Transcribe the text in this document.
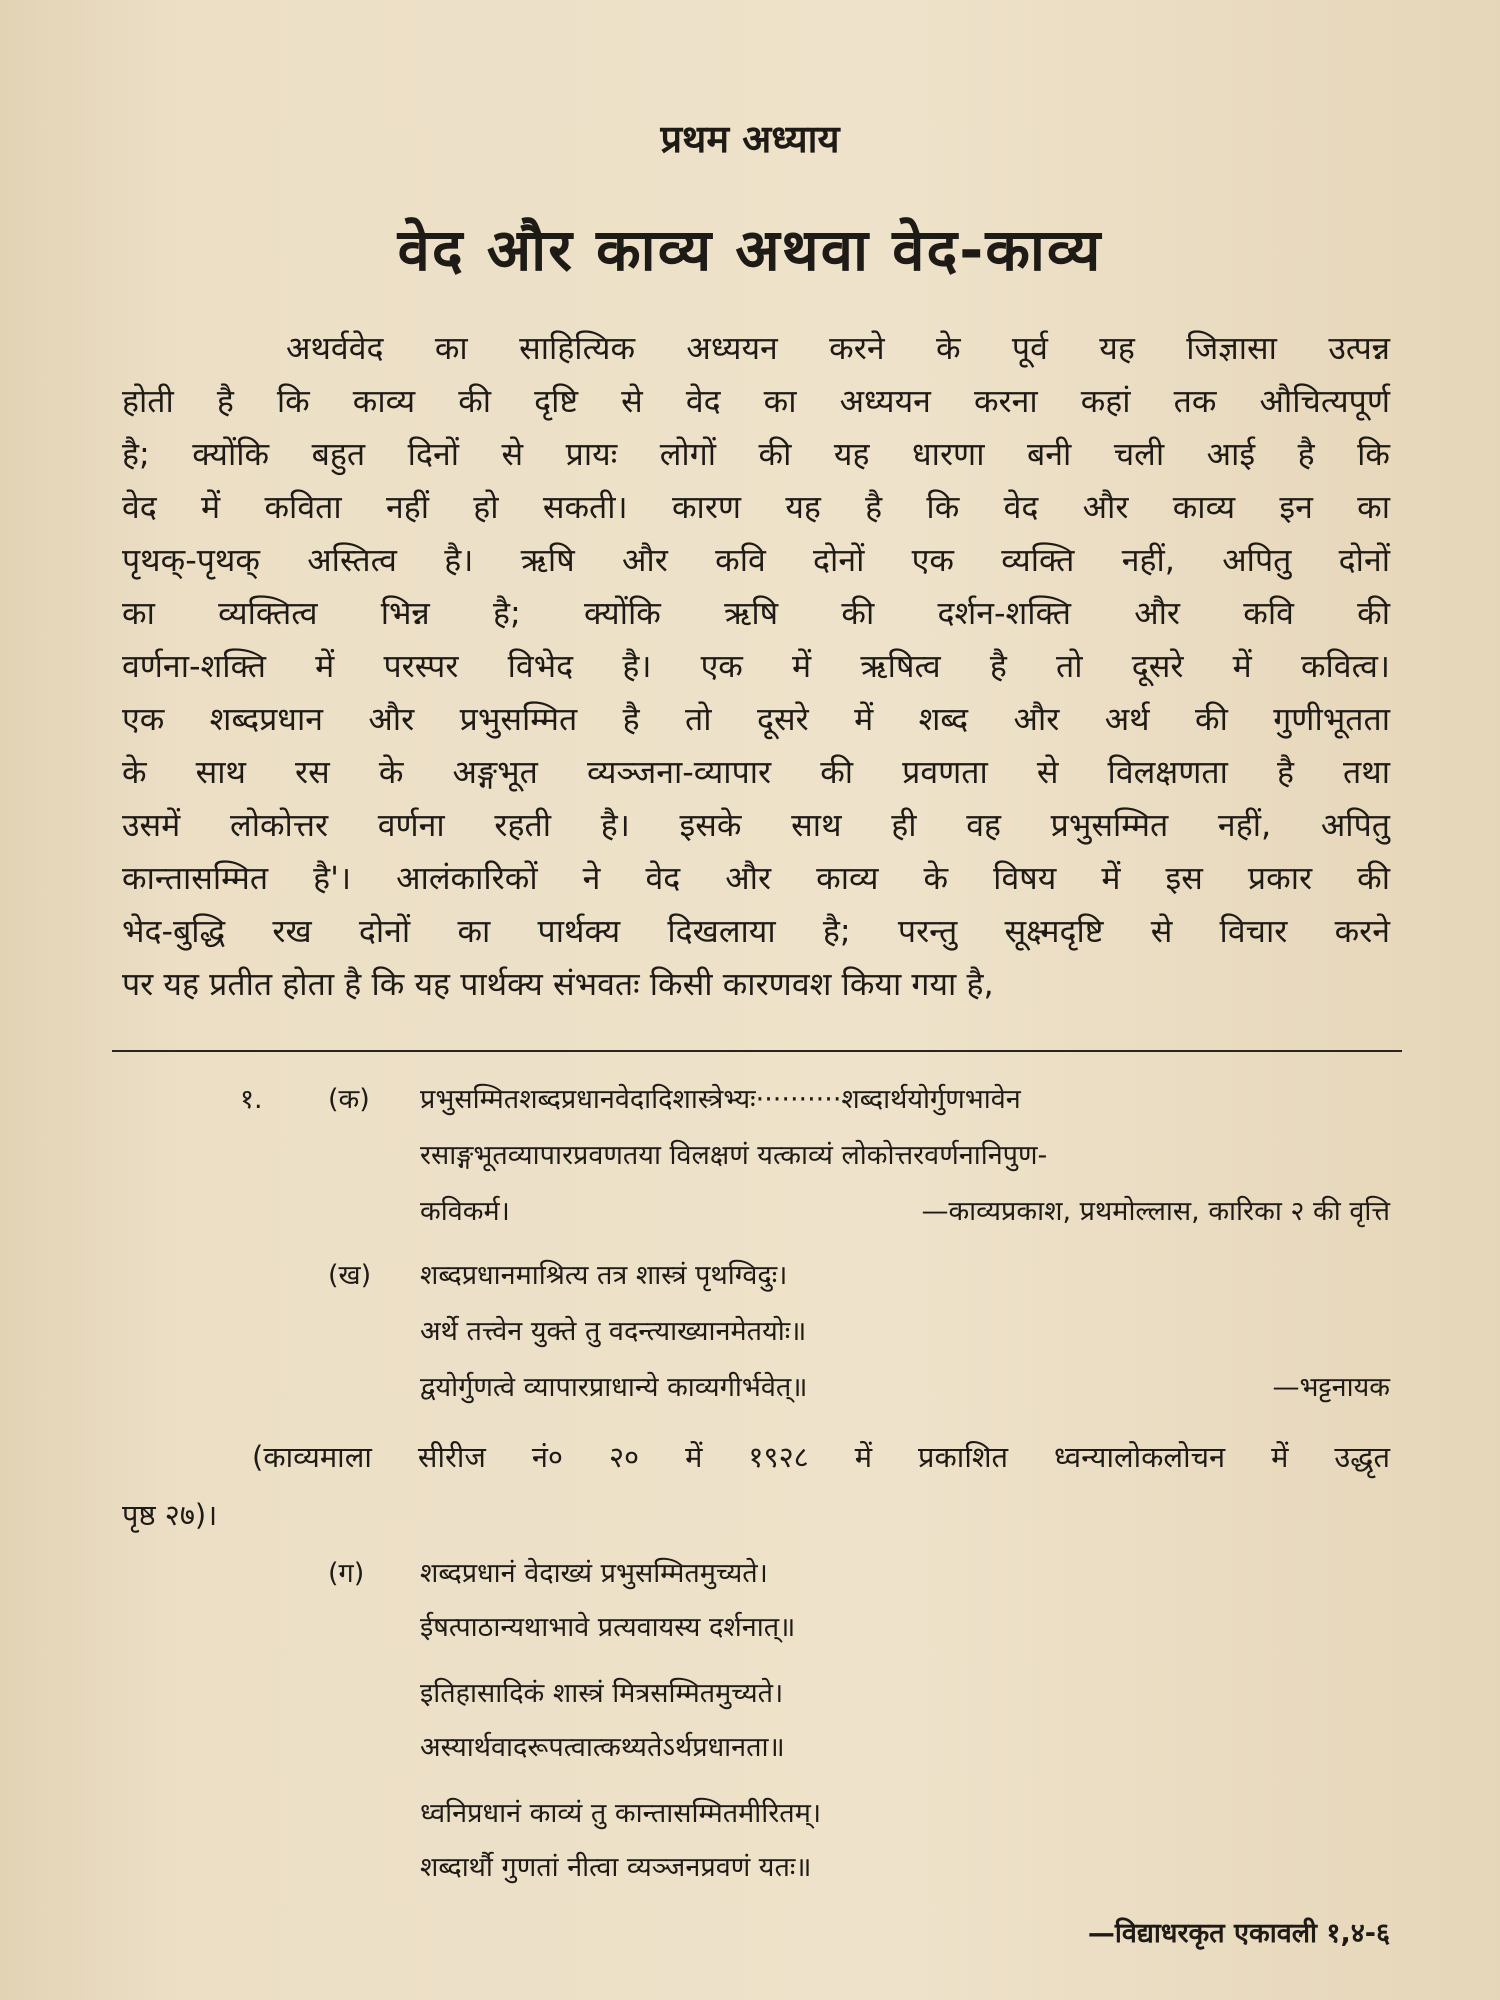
प्रथम अध्याय
वेद और काव्य अथवा वेद-काव्य

अथर्ववेद का साहित्यिक अध्ययन करने के पूर्व यह जिज्ञासा उत्पन्न
होती है कि काव्य की दृष्टि से वेद का अध्ययन करना कहां तक औचित्यपूर्ण
है; क्योंकि बहुत दिनों से प्रायः लोगों की यह धारणा बनी चली आई है कि
वेद में कविता नहीं हो सकती। कारण यह है कि वेद और काव्य इन का
पृथक्-पृथक् अस्तित्व है। ऋषि और कवि दोनों एक व्यक्ति नहीं, अपितु दोनों
का व्यक्तित्व भिन्न है; क्योंकि ऋषि की दर्शन-शक्ति और कवि की
वर्णना-शक्ति में परस्पर विभेद है। एक में ऋषित्व है तो दूसरे में कवित्व।
एक शब्दप्रधान और प्रभुसम्मित है तो दूसरे में शब्द और अर्थ की गुणीभूतता
के साथ रस के अङ्गभूत व्यञ्जना-व्यापार की प्रवणता से विलक्षणता है तथा
उसमें लोकोत्तर वर्णना रहती है। इसके साथ ही वह प्रभुसम्मित नहीं, अपितु
कान्तासम्मित है'। आलंकारिकों ने वेद और काव्य के विषय में इस प्रकार की
भेद-बुद्धि रख दोनों का पार्थक्य दिखलाया है; परन्तु सूक्ष्मदृष्टि से विचार करने
पर यह प्रतीत होता है कि यह पार्थक्य संभवतः किसी कारणवश किया गया है,

१. (क) प्रभुसम्मितशब्दप्रधानवेदादिशास्त्रेभ्यः··········शब्दार्थयोर्गुणभावेन
रसाङ्गभूतव्यापारप्रवणतया विलक्षणं यत्काव्यं लोकोत्तरवर्णनानिपुण-
कविकर्म।	—काव्यप्रकाश, प्रथमोल्लास, कारिका २ की वृत्ति
(ख) शब्दप्रधानमाश्रित्य तत्र शास्त्रं पृथग्विदुः।
अर्थे तत्त्वेन युक्ते तु वदन्त्याख्यानमेतयोः॥
द्वयोर्गुणत्वे व्यापारप्राधान्ये काव्यगीर्भवेत्॥	—भट्टनायक

(काव्यमाला सीरीज नं० २० में १९२८ में प्रकाशित ध्वन्यालोकलोचन में उद्धृत
पृष्ठ २७)।

(ग) शब्दप्रधानं वेदाख्यं प्रभुसम्मितमुच्यते।
ईषत्पाठान्यथाभावे प्रत्यवायस्य दर्शनात्॥
इतिहासादिकं शास्त्रं मित्रसम्मितमुच्यते।
अस्यार्थवादरूपत्वात्कथ्यतेऽर्थप्रधानता॥
ध्वनिप्रधानं काव्यं तु कान्तासम्मितमीरितम्।
शब्दार्थौ गुणतां नीत्वा व्यञ्जनप्रवणं यतः॥
—विद्याधरकृत एकावली १,४-६
